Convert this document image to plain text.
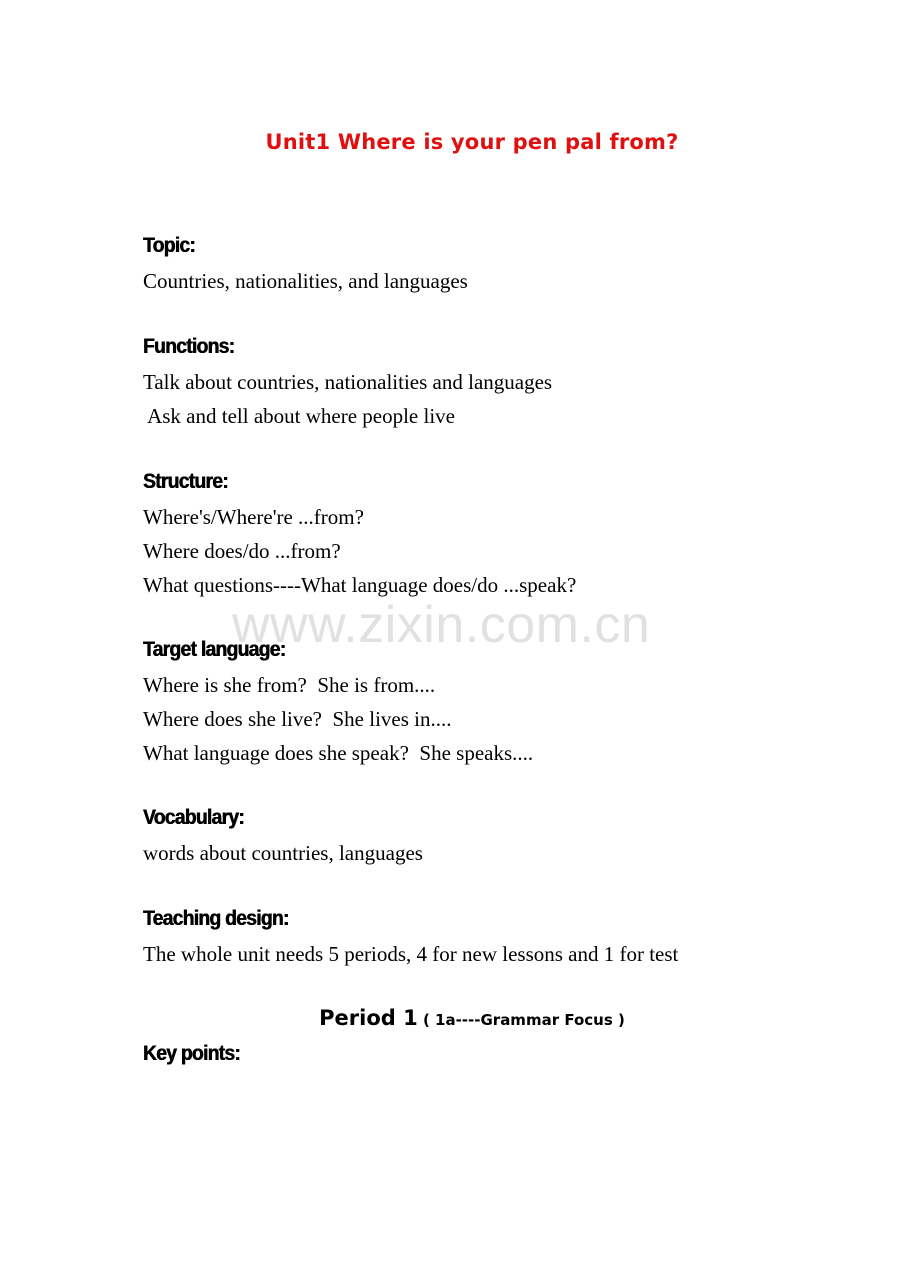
Unit1 Where is your pen pal from?
Topic:
Countries, nationalities, and languages
Functions:
Talk about countries, nationalities and languages
Ask and tell about where people live
Structure:
Where's/Where're ...from?
Where does/do ...from?
What questions----What language does/do ...speak?
Target language:
Where is she from?  She is from....
Where does she live?  She lives in....
What language does she speak?  She speaks....
Vocabulary:
words about countries, languages
Teaching design:
The whole unit needs 5 periods, 4 for new lessons and 1 for test
Period 1 ( 1a----Grammar Focus )
Key points:
www.zixin.com.cn
